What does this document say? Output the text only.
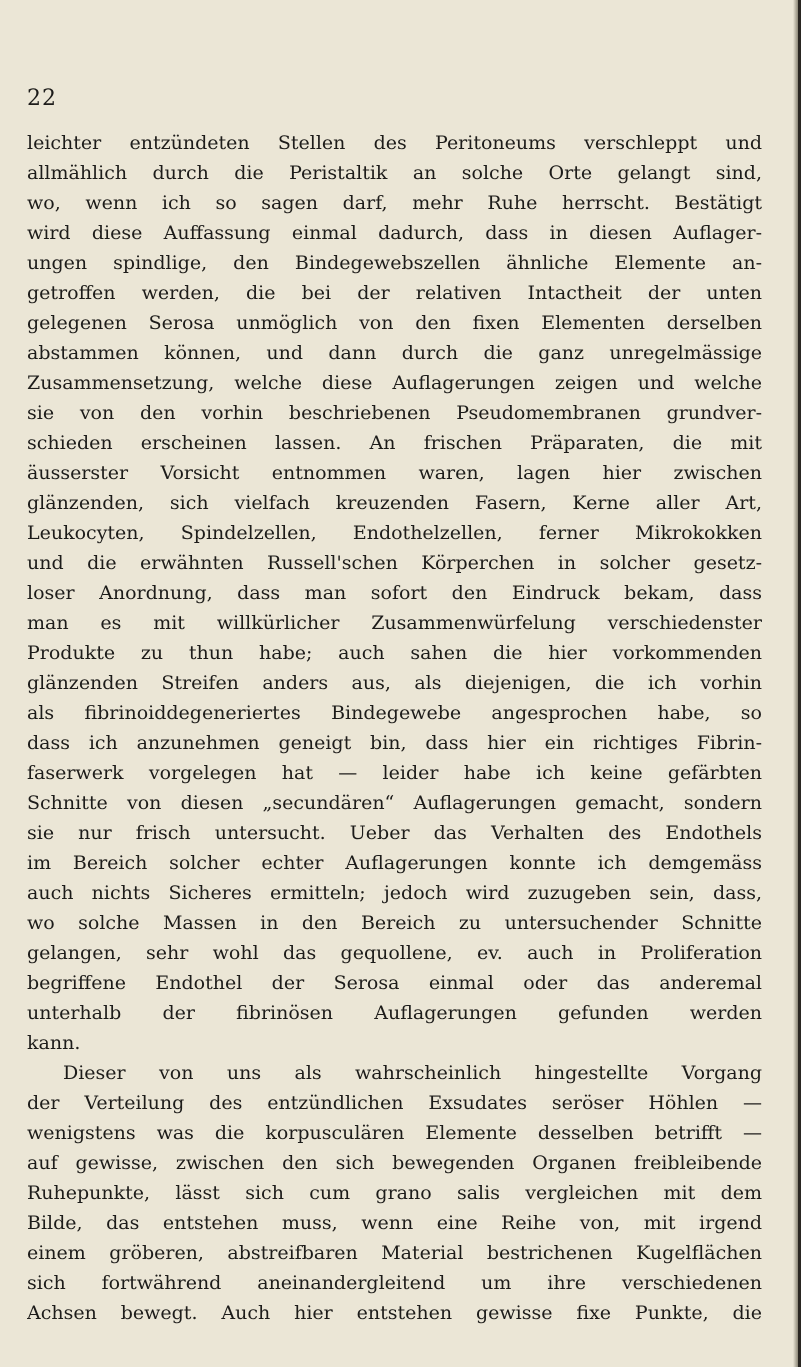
22
leichter entzündeten Stellen des Peritoneums verschleppt und
allmählich durch die Peristaltik an solche Orte gelangt sind,
wo, wenn ich so sagen darf, mehr Ruhe herrscht. Bestätigt
wird diese Auffassung einmal dadurch, dass in diesen Auflager-
ungen spindlige, den Bindegewebszellen ähnliche Elemente an-
getroffen werden, die bei der relativen Intactheit der unten
gelegenen Serosa unmöglich von den fixen Elementen derselben
abstammen können, und dann durch die ganz unregelmässige
Zusammensetzung, welche diese Auflagerungen zeigen und welche
sie von den vorhin beschriebenen Pseudomembranen grundver-
schieden erscheinen lassen. An frischen Präparaten, die mit
äusserster Vorsicht entnommen waren, lagen hier zwischen
glänzenden, sich vielfach kreuzenden Fasern, Kerne aller Art,
Leukocyten, Spindelzellen, Endothelzellen, ferner Mikrokokken
und die erwähnten Russell'schen Körperchen in solcher gesetz-
loser Anordnung, dass man sofort den Eindruck bekam, dass
man es mit willkürlicher Zusammenwürfelung verschiedenster
Produkte zu thun habe; auch sahen die hier vorkommenden
glänzenden Streifen anders aus, als diejenigen, die ich vorhin
als fibrinoiddegeneriertes Bindegewebe angesprochen habe, so
dass ich anzunehmen geneigt bin, dass hier ein richtiges Fibrin-
faserwerk vorgelegen hat — leider habe ich keine gefärbten
Schnitte von diesen „secundären“ Auflagerungen gemacht, sondern
sie nur frisch untersucht. Ueber das Verhalten des Endothels
im Bereich solcher echter Auflagerungen konnte ich demgemäss
auch nichts Sicheres ermitteln; jedoch wird zuzugeben sein, dass,
wo solche Massen in den Bereich zu untersuchender Schnitte
gelangen, sehr wohl das gequollene, ev. auch in Proliferation
begriffene Endothel der Serosa einmal oder das anderemal
unterhalb der fibrinösen Auflagerungen gefunden werden
kann.
Dieser von uns als wahrscheinlich hingestellte Vorgang
der Verteilung des entzündlichen Exsudates seröser Höhlen —
wenigstens was die korpusculären Elemente desselben betrifft —
auf gewisse, zwischen den sich bewegenden Organen freibleibende
Ruhepunkte, lässt sich cum grano salis vergleichen mit dem
Bilde, das entstehen muss, wenn eine Reihe von, mit irgend
einem gröberen, abstreifbaren Material bestrichenen Kugelflächen
sich fortwährend aneinandergleitend um ihre verschiedenen
Achsen bewegt. Auch hier entstehen gewisse fixe Punkte, die
